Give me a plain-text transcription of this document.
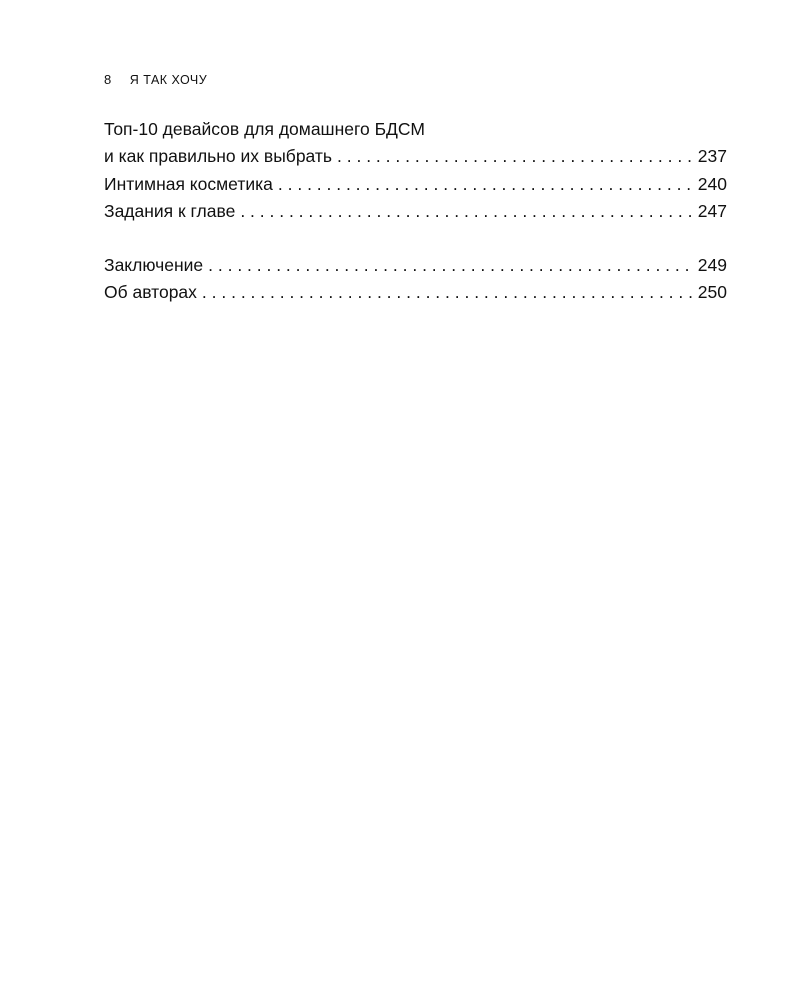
8 Я ТАК ХОЧУ
Топ-10 девайсов для домашнего БДСМ
и как правильно их выбрать . . .	237
Интимная косметика . . .	240
Задания к главе . . .	247
Заключение . . .	249
Об авторах . . .	250
